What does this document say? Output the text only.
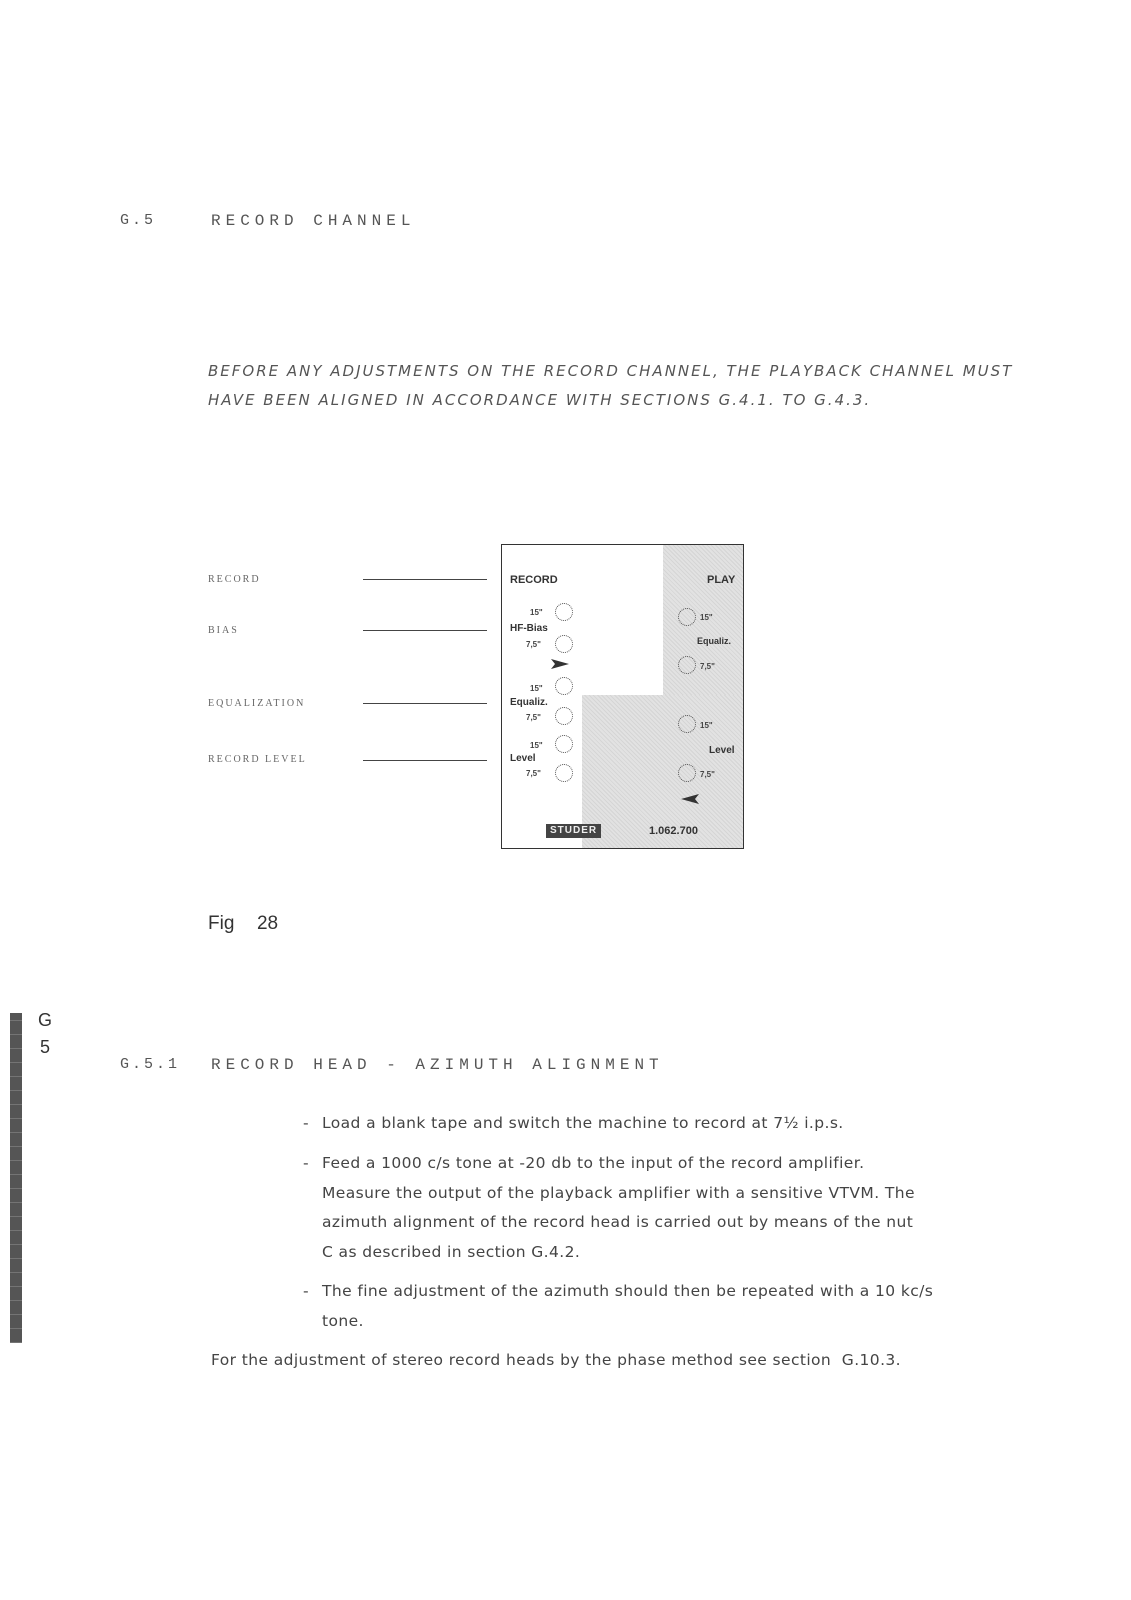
G.5	RECORD CHANNEL
BEFORE ANY ADJUSTMENTS ON THE RECORD CHANNEL, THE PLAYBACK CHANNEL MUST
HAVE BEEN ALIGNED IN ACCORDANCE WITH SECTIONS G.4.1. TO G.4.3.
RECORD
BIAS
EQUALIZATION
RECORD LEVEL
RECORD
15"
HF-Bias
7,5"
15"
Equaliz.
7,5"
15"
Level
7,5"
PLAY
15"
Equaliz.
7,5"
15"
Level
7,5"
STUDER	1.062.700
Fig  28
G
5
G.5.1 RECORD HEAD - AZIMUTH ALIGNMENT
- Load a blank tape and switch the machine to record at 7½ i.p.s.
- Feed a 1000 c/s tone at -20 db to the input of the record amplifier.
Measure the output of the playback amplifier with a sensitive VTVM. The
azimuth alignment of the record head is carried out by means of the nut
C as described in section G.4.2.
- The fine adjustment of the azimuth should then be repeated with a 10 kc/s
tone.
For the adjustment of stereo record heads by the phase method see section  G.10.3.
